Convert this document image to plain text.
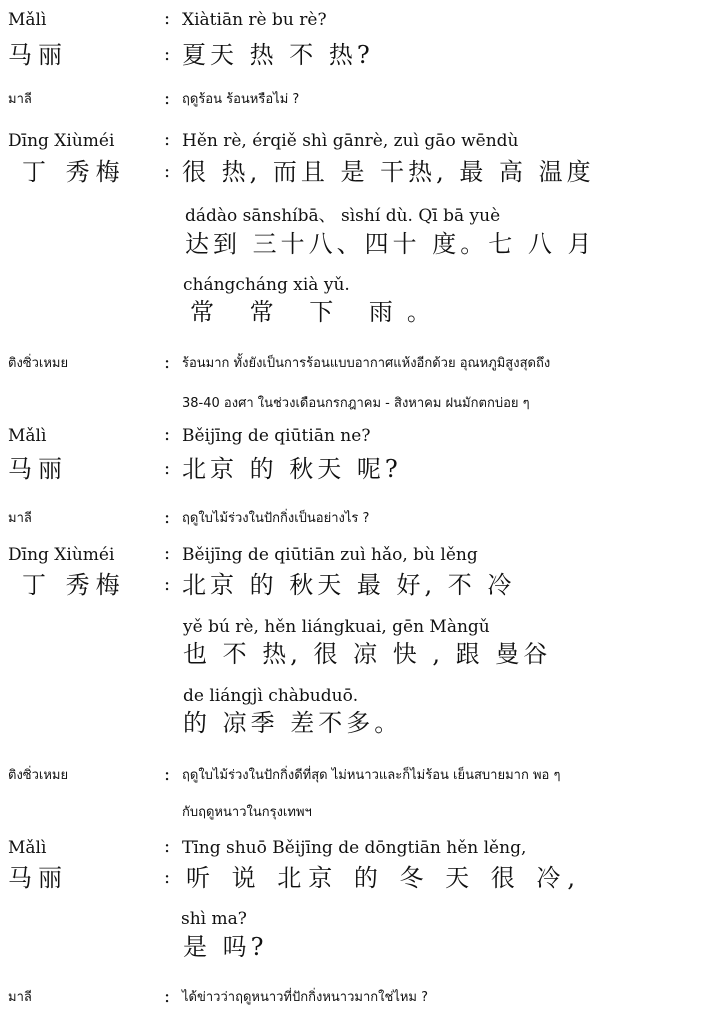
Mǎlì	: Xiàtiān rè bu rè?
马丽	: 夏天 热 不 热?
มาลี	: ฤดูร้อน ร้อนหรือไม่ ?
Dīng Xiùméi	: Hěn rè, érqiě shì gānrè, zuì gāo wēndù
丁 秀梅 : 很 热, 而且 是 干热, 最 高 温度
dádào sānshíbā、 sìshí dù. Qī bā yuè
达到 三十八、四十 度。七 八 月
chángcháng xià yǔ.
常 常 下 雨。
ติงซิ่วเหมย	: ร้อนมาก ทั้งยังเป็นการร้อนแบบอากาศแห้งอีกด้วย อุณหภูมิสูงสุดถึง
38-40 องศา ในช่วงเดือนกรกฎาคม - สิงหาคม ฝนมักตกบ่อย ๆ
Mǎlì	: Běijīng de qiūtiān ne?
马丽	: 北京 的 秋天 呢?
มาลี	: ฤดูใบไม้ร่วงในปักกิ่งเป็นอย่างไร ?
Dīng Xiùméi	: Běijīng de qiūtiān zuì hǎo, bù lěng
丁 秀梅 : 北京 的 秋天 最 好, 不 冷
yě bú rè, hěn liángkuai, gēn Màngǔ
也 不 热, 很 凉 快 , 跟 曼谷
de liángjì chàbuduō.
的 凉季 差不多。
ติงซิ่วเหมย	: ฤดูใบไม้ร่วงในปักกิ่งดีที่สุด ไม่หนาวและก็ไม่ร้อน เย็นสบายมาก พอ ๆ
กับฤดูหนาวในกรุงเทพฯ
Mǎlì	: Tīng shuō Běijīng de dōngtiān hěn lěng,
马丽	: 听 说 北京 的 冬 天 很 冷,
shì ma?
是 吗?
มาลี	: ได้ข่าวว่าฤดูหนาวที่ปักกิ่งหนาวมากใช่ไหม ?
